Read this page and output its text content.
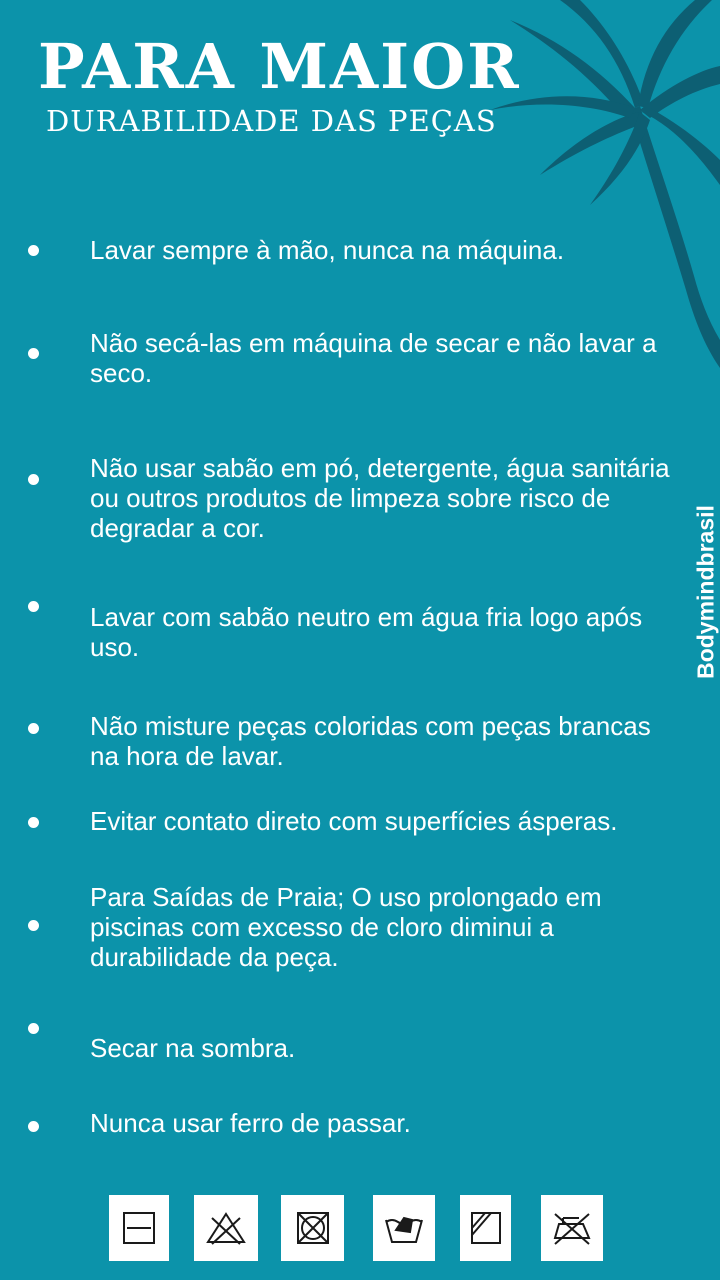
PARA MAIOR
DURABILIDADE DAS PEÇAS
Bodymindbrasil
Lavar sempre à mão, nunca na máquina.
Não secá-las em máquina de secar e não lavar a seco.
Não usar sabão em pó, detergente, água sanitária ou outros produtos de limpeza sobre risco de degradar a cor.
Lavar com sabão neutro em água fria logo após uso.
Não misture peças coloridas com peças brancas na hora de lavar.
Evitar contato direto com superfícies ásperas.
Para Saídas de Praia; O uso prolongado em piscinas com excesso de cloro diminui a durabilidade da peça.
Secar na sombra.
Nunca usar ferro de passar.
